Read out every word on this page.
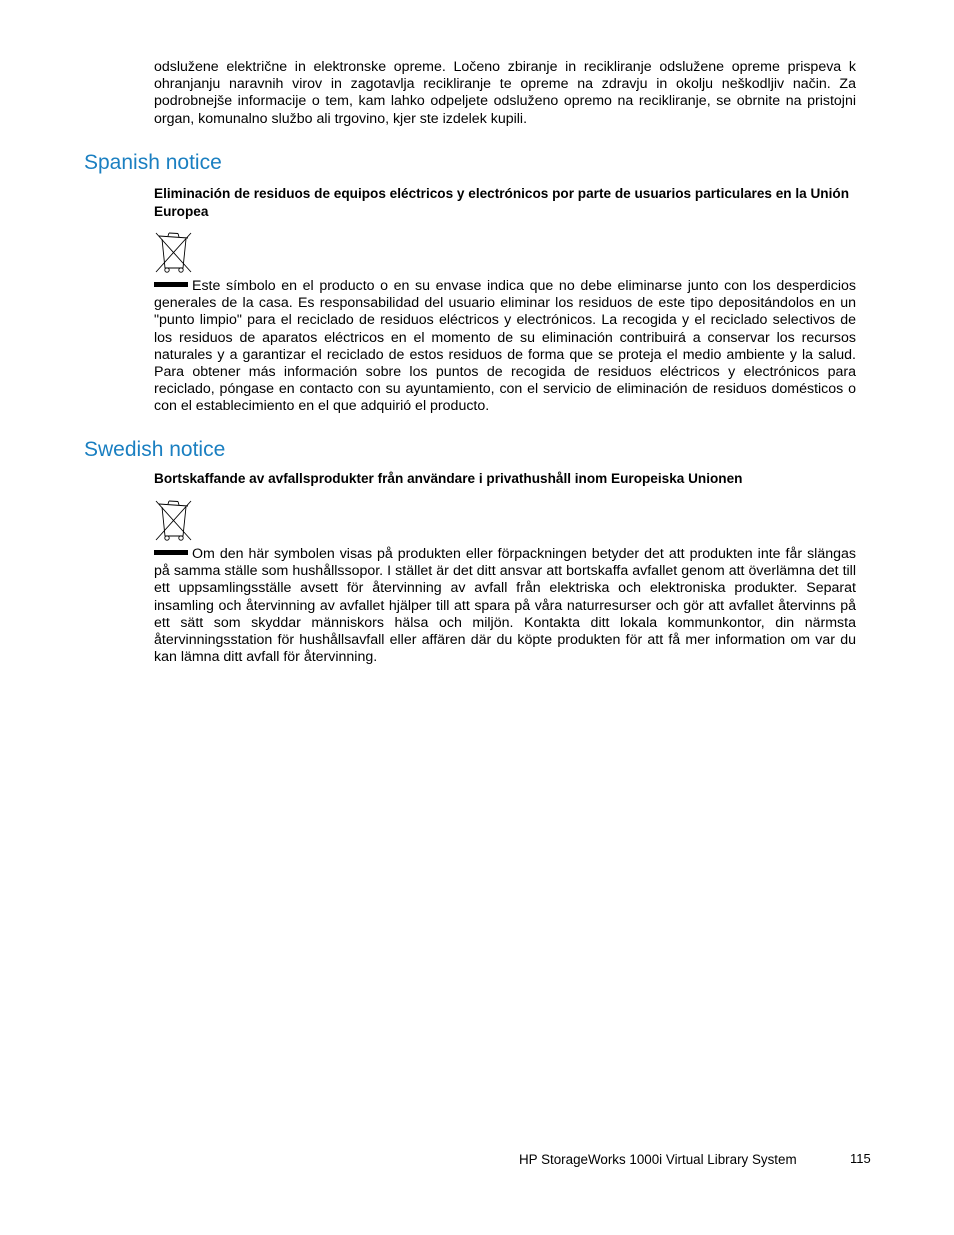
odslužene električne in elektronske opreme. Ločeno zbiranje in recikliranje odslužene opreme prispeva k ohranjanju naravnih virov in zagotavlja recikliranje te opreme na zdravju in okolju neškodljiv način. Za podrobnejše informacije o tem, kam lahko odpeljete odsluženo opremo na recikliranje, se obrnite na pristojni organ, komunalno službo ali trgovino, kjer ste izdelek kupili.

Spanish notice

Eliminación de residuos de equipos eléctricos y electrónicos por parte de usuarios particulares en la Unión Europea

Este símbolo en el producto o en su envase indica que no debe eliminarse junto con los desperdicios generales de la casa. Es responsabilidad del usuario eliminar los residuos de este tipo depositándolos en un "punto limpio" para el reciclado de residuos eléctricos y electrónicos. La recogida y el reciclado selectivos de los residuos de aparatos eléctricos en el momento de su eliminación contribuirá a conservar los recursos naturales y a garantizar el reciclado de estos residuos de forma que se proteja el medio ambiente y la salud. Para obtener más información sobre los puntos de recogida de residuos eléctricos y electrónicos para reciclado, póngase en contacto con su ayuntamiento, con el servicio de eliminación de residuos domésticos o con el establecimiento en el que adquirió el producto.

Swedish notice

Bortskaffande av avfallsprodukter från användare i privathushåll inom Europeiska Unionen

Om den här symbolen visas på produkten eller förpackningen betyder det att produkten inte får slängas på samma ställe som hushållssopor. I stället är det ditt ansvar att bortskaffa avfallet genom att överlämna det till ett uppsamlingsställe avsett för återvinning av avfall från elektriska och elektroniska produkter. Separat insamling och återvinning av avfallet hjälper till att spara på våra naturresurser och gör att avfallet återvinns på ett sätt som skyddar människors hälsa och miljön. Kontakta ditt lokala kommunkontor, din närmsta återvinningsstation för hushållsavfall eller affären där du köpte produkten för att få mer information om var du kan lämna ditt avfall för återvinning.

HP StorageWorks 1000i Virtual Library System	115
